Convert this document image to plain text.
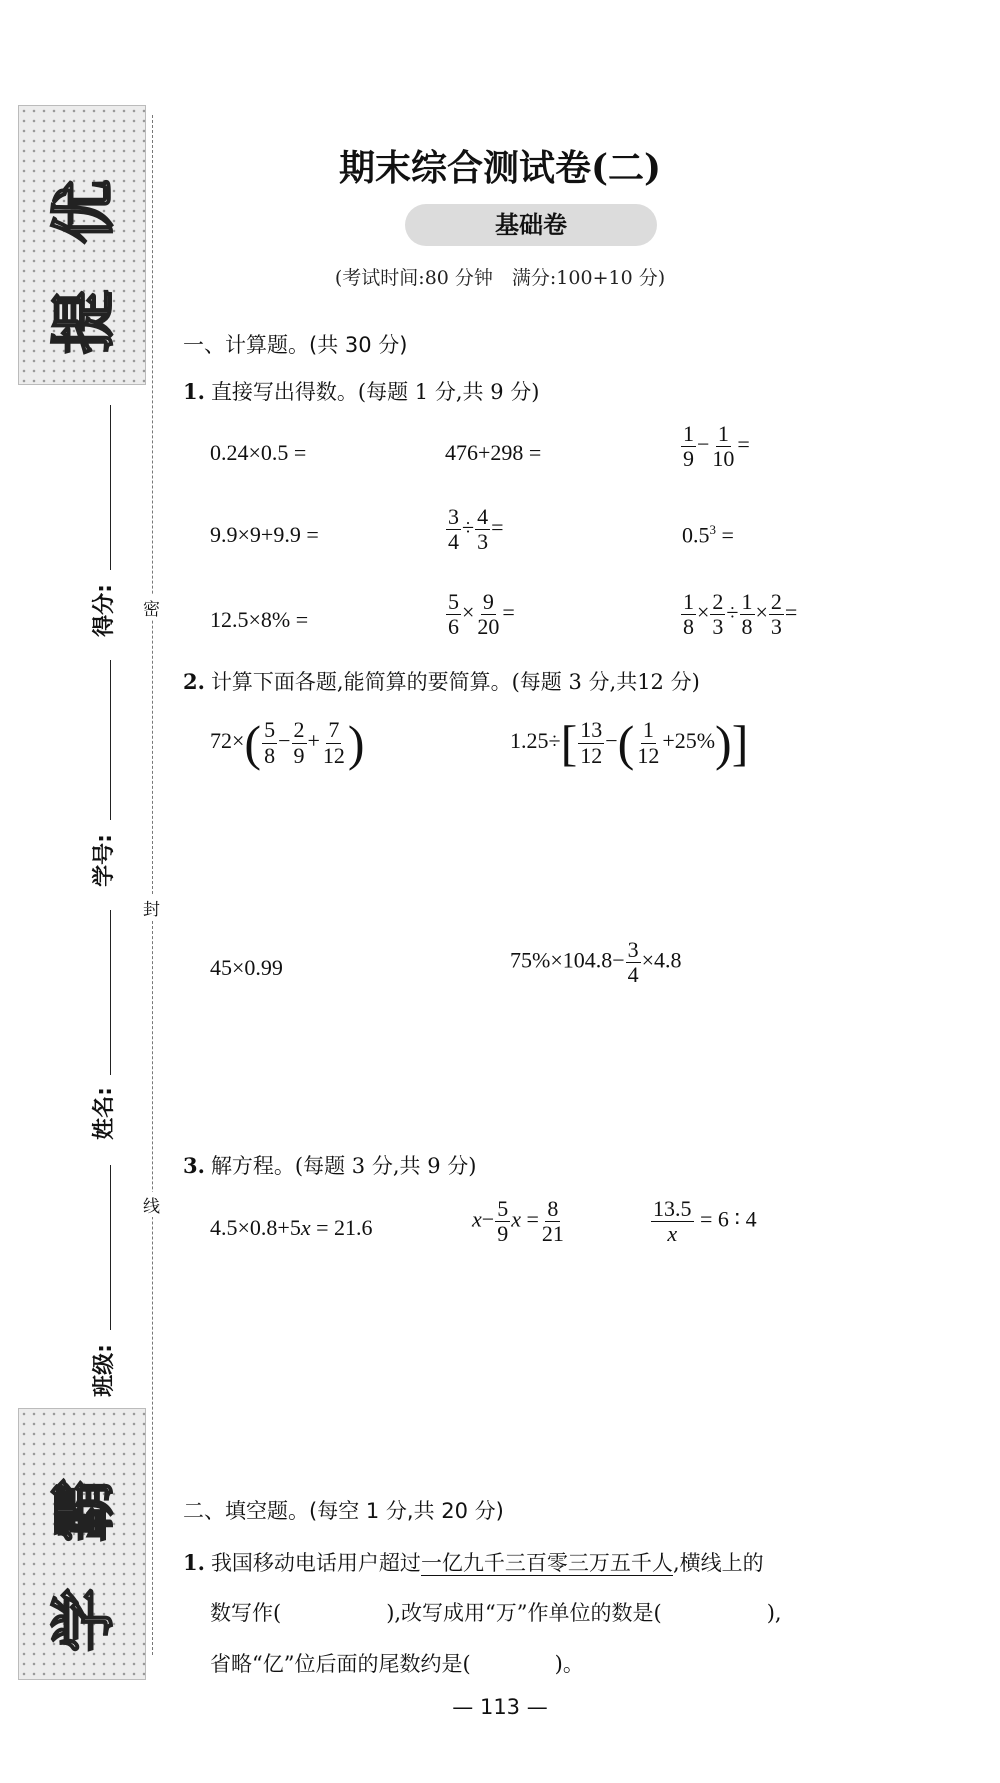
提
优
学
霸
密
封
线
得分:
学号:
姓名:
班级:
期末综合测试卷(二)
基础卷
(考试时间:80 分钟　满分:100+10 分)
一、计算题。(共 30 分)
1. 直接写出得数。(每题 1 分,共 9 分)
0.24×0.5 =	476+298 =	$\frac{1}{9} - \frac{1}{10}$ =
9.9×9+9.9 =	$\frac{3}{4} \div \frac{4}{3}$ =	$0.5^3$ =
12.5×8% =	$\frac{5}{6} \times \frac{9}{20}$ =	$\frac{1}{8} \times \frac{2}{3} \div \frac{1}{8} \times \frac{2}{3}$ =
2. 计算下面各题,能简算的要简算。(每题 3 分,共12 分)
$72\times( \frac{5}{8} - \frac{2}{9} + \frac{7}{12}$ )	$1.25\div[ \frac{13}{12}$ −( $\frac{1}{12} +25\%$)]
45×0.99	$75\%\times 104.8- \frac{3}{4} \times 4.8$
3. 解方程。(每题 3 分,共 9 分)
4.5×0.8+5x = 21.6	$x- \frac{5}{9}$ $x = \frac{8}{21}$	$\frac{13.5}{x} = 6$ ∶ 4
二、填空题。(每空 1 分,共 20 分)
1. 我国移动电话用户超过一亿九千三百零三万五千人,横线上的
数写作(　　　　　),改写成用“万”作单位的数是(　　　　　),
省略“亿”位后面的尾数约是(　　　　)。
— 113 —
